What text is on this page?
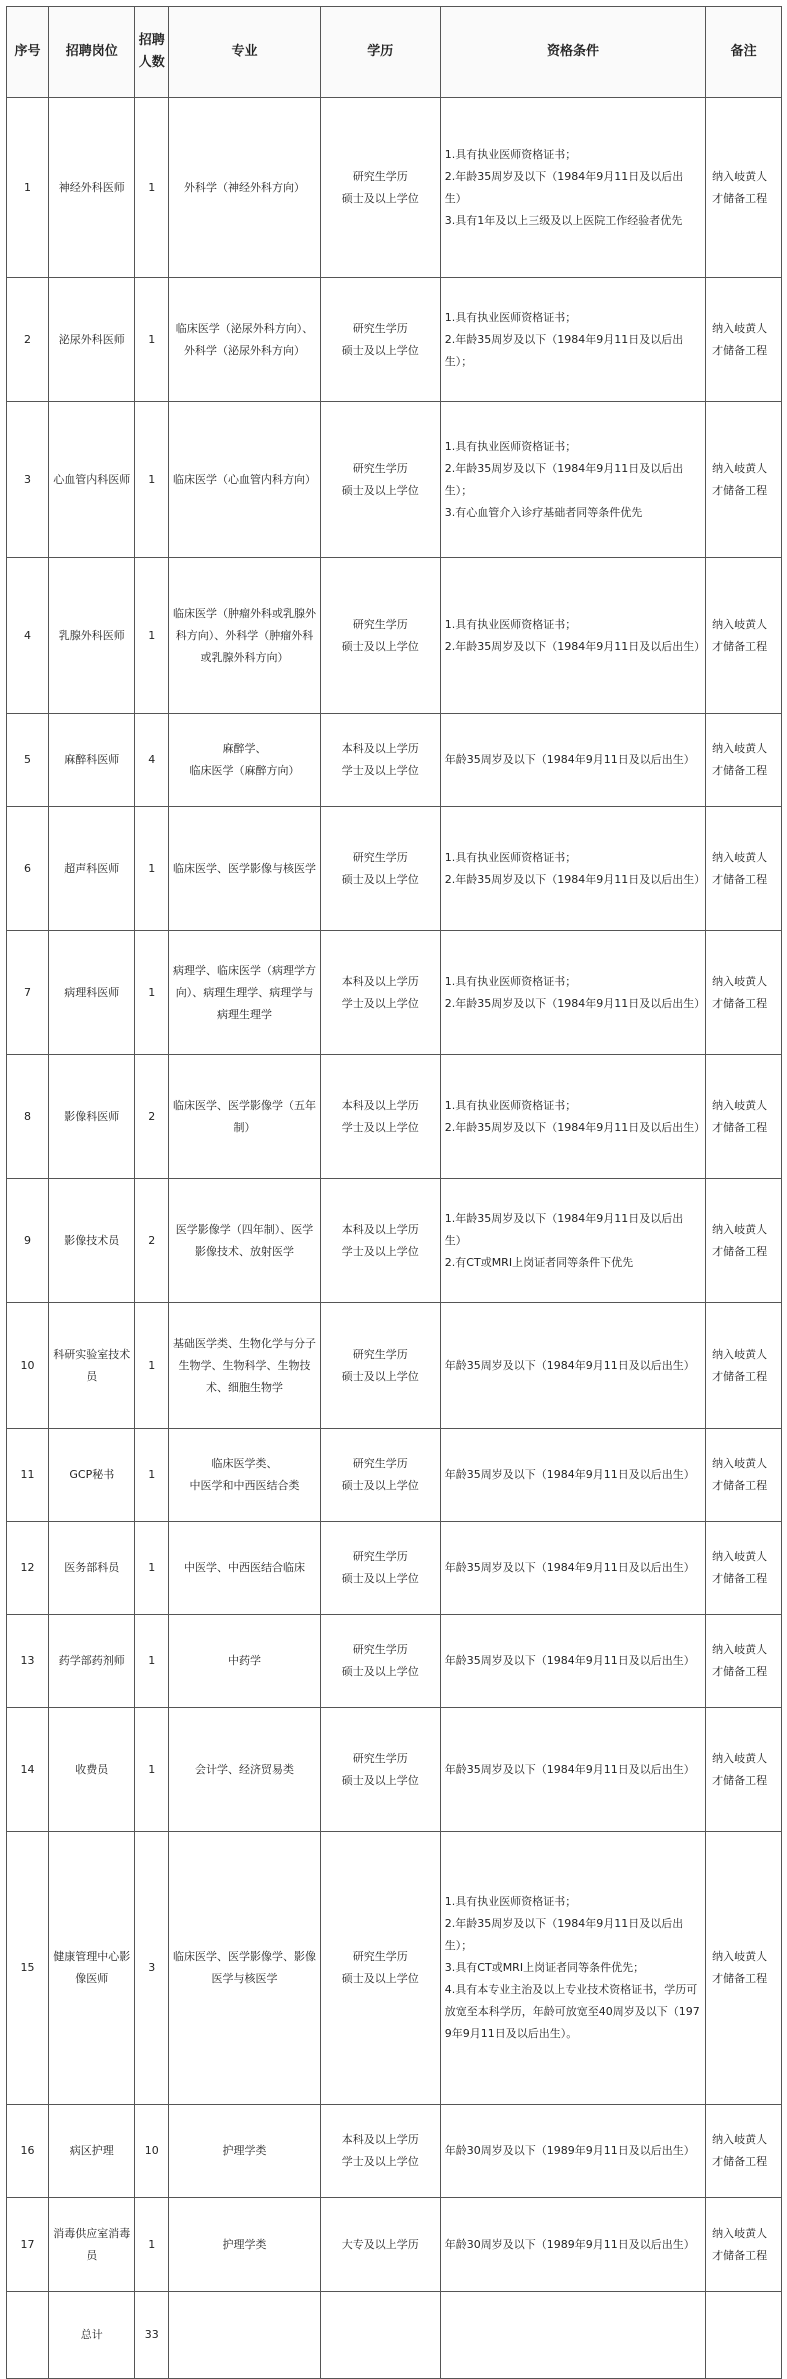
序号	招聘岗位	招聘人数	专业	学历	资格条件	备注
1	神经外科医师	1	外科学（神经外科方向）	研究生学历
硕士及以上学位	1.具有执业医师资格证书；
2.年龄35周岁及以下（1984年9月11日及以后出生）
3.具有1年及以上三级及以上医院工作经验者优先	纳入岐黄人才储备工程
2	泌尿外科医师	1	临床医学（泌尿外科方向）、外科学（泌尿外科方向）	研究生学历
硕士及以上学位	1.具有执业医师资格证书；
2.年龄35周岁及以下（1984年9月11日及以后出生）；	纳入岐黄人才储备工程
3	心血管内科医师	1	临床医学（心血管内科方向）	研究生学历
硕士及以上学位	1.具有执业医师资格证书；
2.年龄35周岁及以下（1984年9月11日及以后出生）；
3.有心血管介入诊疗基础者同等条件优先	纳入岐黄人才储备工程
4	乳腺外科医师	1	临床医学（肿瘤外科或乳腺外科方向）、外科学（肿瘤外科或乳腺外科方向）	研究生学历
硕士及以上学位	1.具有执业医师资格证书；
2.年龄35周岁及以下（1984年9月11日及以后出生）	纳入岐黄人才储备工程
5	麻醉科医师	4	麻醉学、
临床医学（麻醉方向）	本科及以上学历
学士及以上学位	年龄35周岁及以下（1984年9月11日及以后出生）	纳入岐黄人才储备工程
6	超声科医师	1	临床医学、医学影像与核医学	研究生学历
硕士及以上学位	1.具有执业医师资格证书；
2.年龄35周岁及以下（1984年9月11日及以后出生）	纳入岐黄人才储备工程
7	病理科医师	1	病理学、临床医学（病理学方向）、病理生理学、病理学与病理生理学	本科及以上学历
学士及以上学位	1.具有执业医师资格证书；
2.年龄35周岁及以下（1984年9月11日及以后出生）	纳入岐黄人才储备工程
8	影像科医师	2	临床医学、医学影像学（五年制）	本科及以上学历
学士及以上学位	1.具有执业医师资格证书；
2.年龄35周岁及以下（1984年9月11日及以后出生）	纳入岐黄人才储备工程
9	影像技术员	2	医学影像学（四年制）、医学影像技术、放射医学	本科及以上学历
学士及以上学位	1.年龄35周岁及以下（1984年9月11日及以后出生）
2.有CT或MRI上岗证者同等条件下优先	纳入岐黄人才储备工程
10	科研实验室技术员	1	基础医学类、生物化学与分子生物学、生物科学、生物技术、细胞生物学	研究生学历
硕士及以上学位	年龄35周岁及以下（1984年9月11日及以后出生）	纳入岐黄人才储备工程
11	GCP秘书	1	临床医学类、
中医学和中西医结合类	研究生学历
硕士及以上学位	年龄35周岁及以下（1984年9月11日及以后出生）	纳入岐黄人才储备工程
12	医务部科员	1	中医学、中西医结合临床	研究生学历
硕士及以上学位	年龄35周岁及以下（1984年9月11日及以后出生）	纳入岐黄人才储备工程
13	药学部药剂师	1	中药学	研究生学历
硕士及以上学位	年龄35周岁及以下（1984年9月11日及以后出生）	纳入岐黄人才储备工程
14	收费员	1	会计学、经济贸易类	研究生学历
硕士及以上学位	年龄35周岁及以下（1984年9月11日及以后出生）	纳入岐黄人才储备工程
15	健康管理中心影像医师	3	临床医学、医学影像学、影像医学与核医学	研究生学历
硕士及以上学位	1.具有执业医师资格证书；
2.年龄35周岁及以下（1984年9月11日及以后出生）；
3.具有CT或MRI上岗证者同等条件优先；
4.具有本专业主治及以上专业技术资格证书，学历可放宽至本科学历，年龄可放宽至40周岁及以下（1979年9月11日及以后出生）。	纳入岐黄人才储备工程
16	病区护理	10	护理学类	本科及以上学历
学士及以上学位	年龄30周岁及以下（1989年9月11日及以后出生）	纳入岐黄人才储备工程
17	消毒供应室消毒员	1	护理学类	大专及以上学历	年龄30周岁及以下（1989年9月11日及以后出生）	纳入岐黄人才储备工程
	总计	33				
